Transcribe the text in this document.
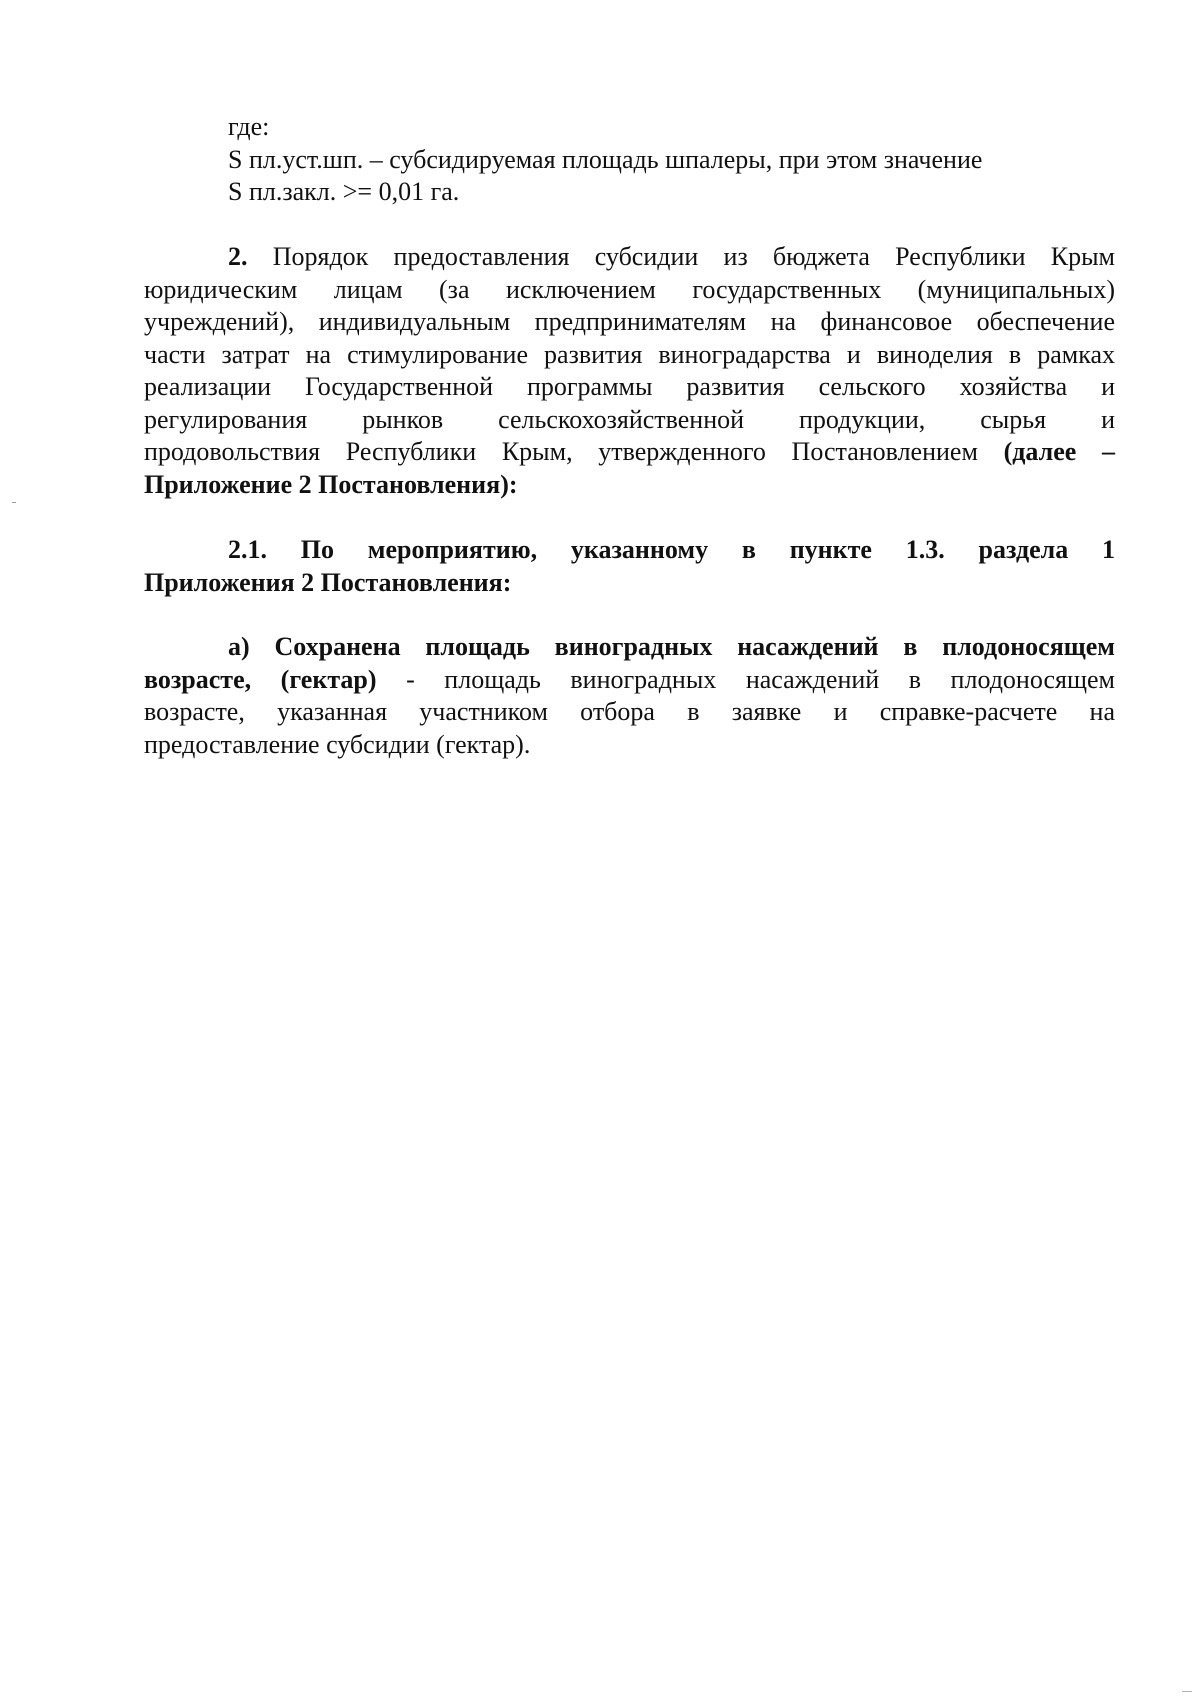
где:
S пл.уст.шп. – субсидируемая площадь шпалеры, при этом значение
S пл.закл. >= 0,01 га.
2. Порядок предоставления субсидии из бюджета Республики Крым
юридическим лицам (за исключением государственных (муниципальных)
учреждений), индивидуальным предпринимателям на финансовое обеспечение
части затрат на стимулирование развития виноградарства и виноделия в рамках
реализации Государственной программы развития сельского хозяйства и
регулирования рынков сельскохозяйственной продукции, сырья и
продовольствия Республики Крым, утвержденного Постановлением (далее –
Приложение 2 Постановления):
2.1. По мероприятию, указанному в пункте 1.3. раздела 1
Приложения 2 Постановления:
а) Сохранена площадь виноградных насаждений в плодоносящем
возрасте, (гектар) - площадь виноградных насаждений в плодоносящем
возрасте, указанная участником отбора в заявке и справке-расчете на
предоставление субсидии (гектар).
